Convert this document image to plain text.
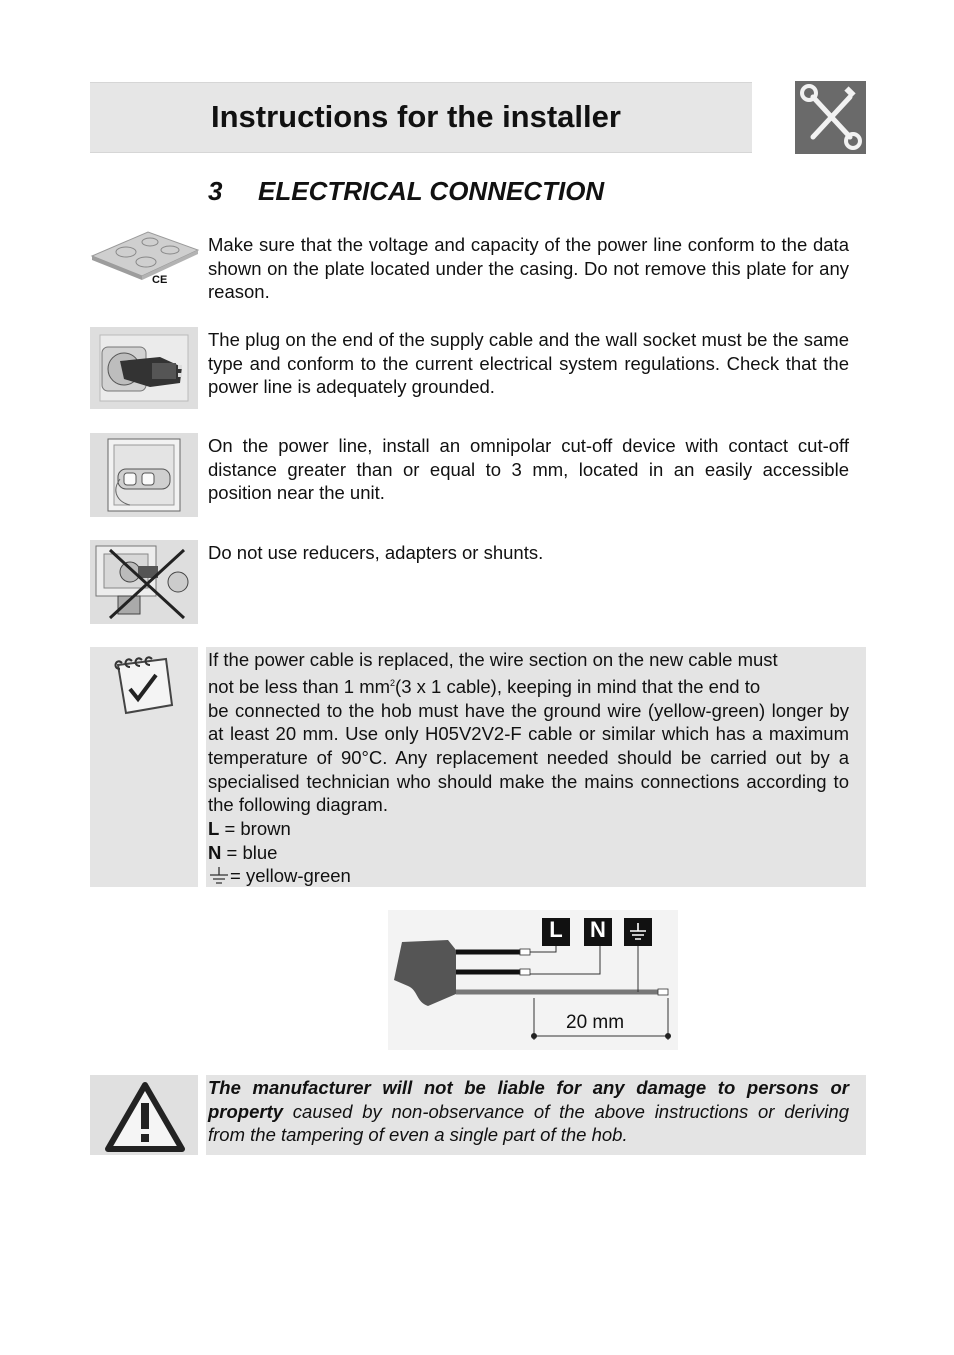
Instructions for the installer
3 ELECTRICAL CONNECTION
CE
Make sure that the voltage and capacity of the power line conform to the data shown on the plate located under the casing. Do not remove this plate for any reason.
The plug on the end of the supply cable and the wall socket must be the same type and conform to the current electrical system regulations. Check that the power line is adequately grounded.
On the power line, install an omnipolar cut-off device with contact cut-off distance greater than or equal to 3 mm, located in an easily accessible position near the unit.
Do not use reducers, adapters or shunts.
If the power cable is replaced, the wire section on the new cable must
not be less than 1 $mm^2(3$ x 1 cable), keeping in mind that the end to
be connected to the hob must have the ground wire (yellow-green) longer by at least 20 mm. Use only H05V2V2-F cable or similar which has a maximum temperature of 90°C. Any replacement needed should be carried out by a specialised technician who should make the mains connections according to the following diagram.
L = brown
N = blue
= yellow-green
L	N
20 mm
The manufacturer will not be liable for any damage to persons or property caused by non-observance of the above instructions or deriving from the tampering of even a single part of the hob.
